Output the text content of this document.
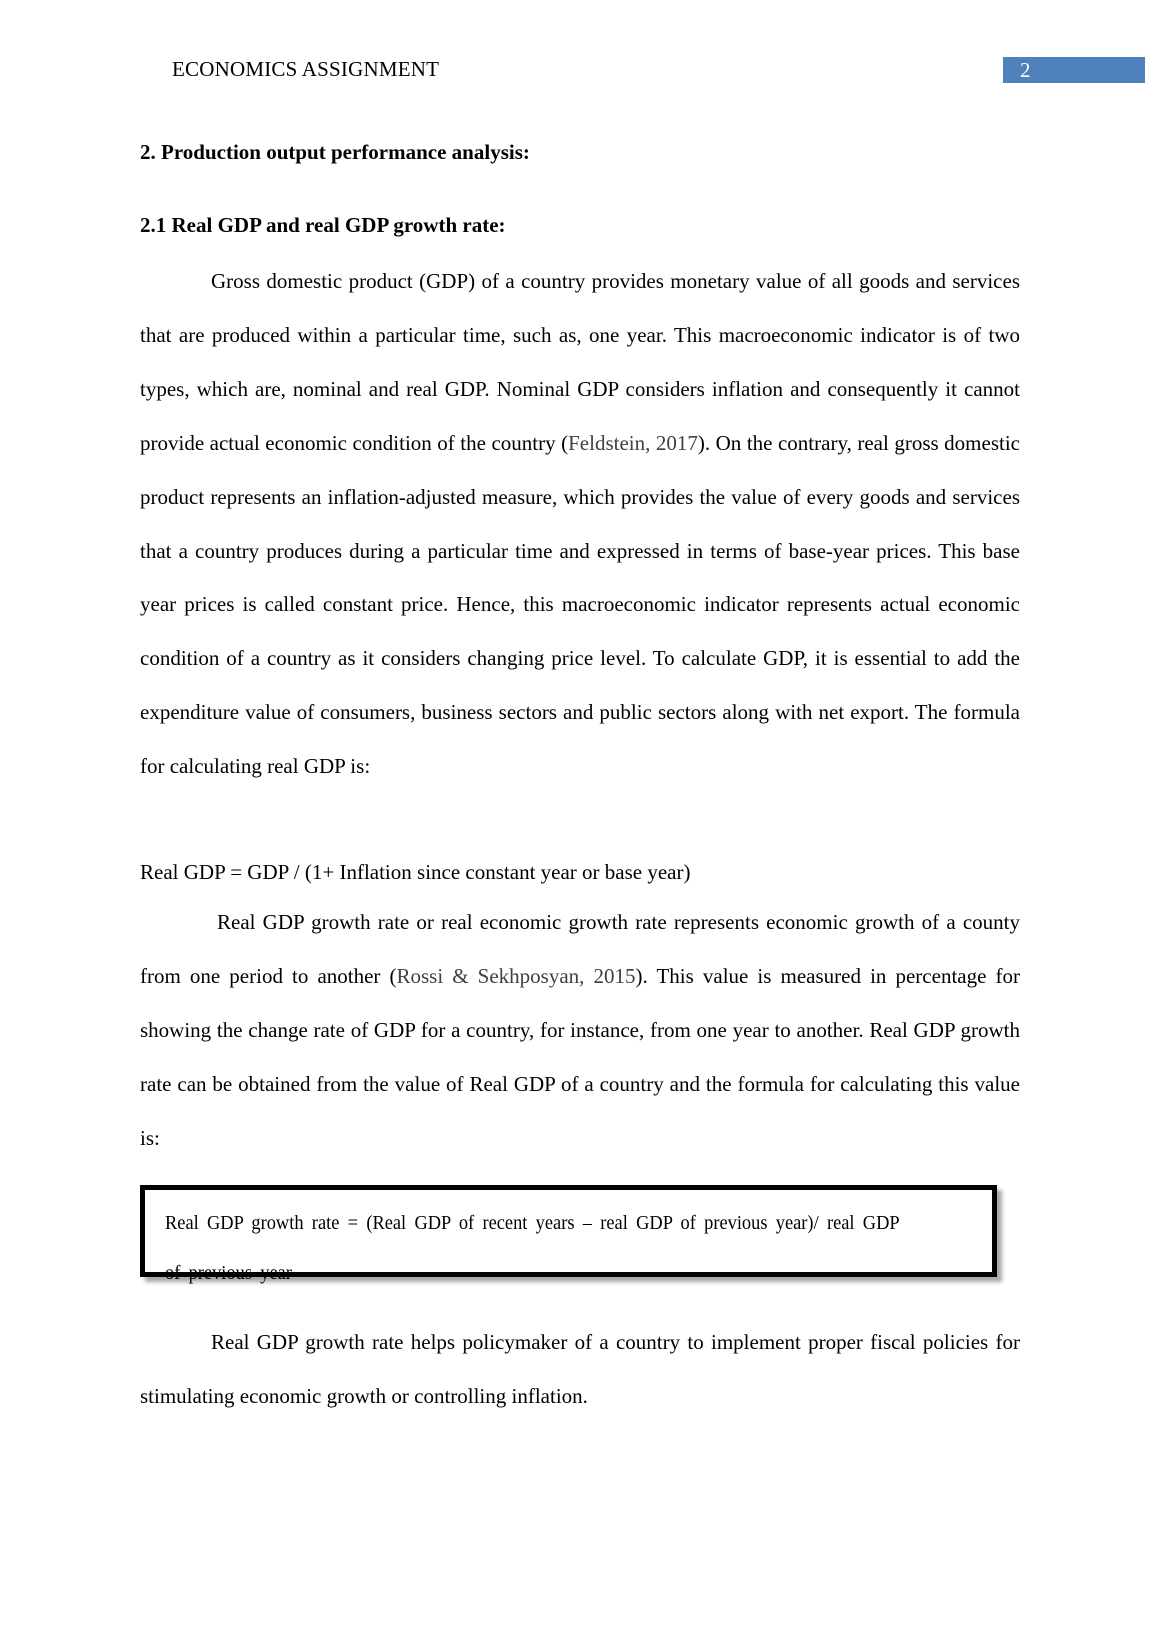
ECONOMICS ASSIGNMENT	2
2. Production output performance analysis:
2.1 Real GDP and real GDP growth rate:

Gross domestic product (GDP) of a country provides monetary value of all goods and services that are produced within a particular time, such as, one year. This macroeconomic indicator is of two types, which are, nominal and real GDP. Nominal GDP considers inflation and consequently it cannot provide actual economic condition of the country (Feldstein, 2017). On the contrary, real gross domestic product represents an inflation-adjusted measure, which provides the value of every goods and services that a country produces during a particular time and expressed in terms of base-year prices. This base year prices is called constant price. Hence, this macroeconomic indicator represents actual economic condition of a country as it considers changing price level. To calculate GDP, it is essential to add the expenditure value of consumers, business sectors and public sectors along with net export. The formula for calculating real GDP is:

Real GDP = GDP / (1+ Inflation since constant year or base year)

Real GDP growth rate or real economic growth rate represents economic growth of a county from one period to another (Rossi & Sekhposyan, 2015). This value is measured in percentage for showing the change rate of GDP for a country, for instance, from one year to another. Real GDP growth rate can be obtained from the value of Real GDP of a country and the formula for calculating this value is:

Real GDP growth rate = (Real GDP of recent years – real GDP of previous year)/ real GDP of previous year

Real GDP growth rate helps policymaker of a country to implement proper fiscal policies for stimulating economic growth or controlling inflation.
